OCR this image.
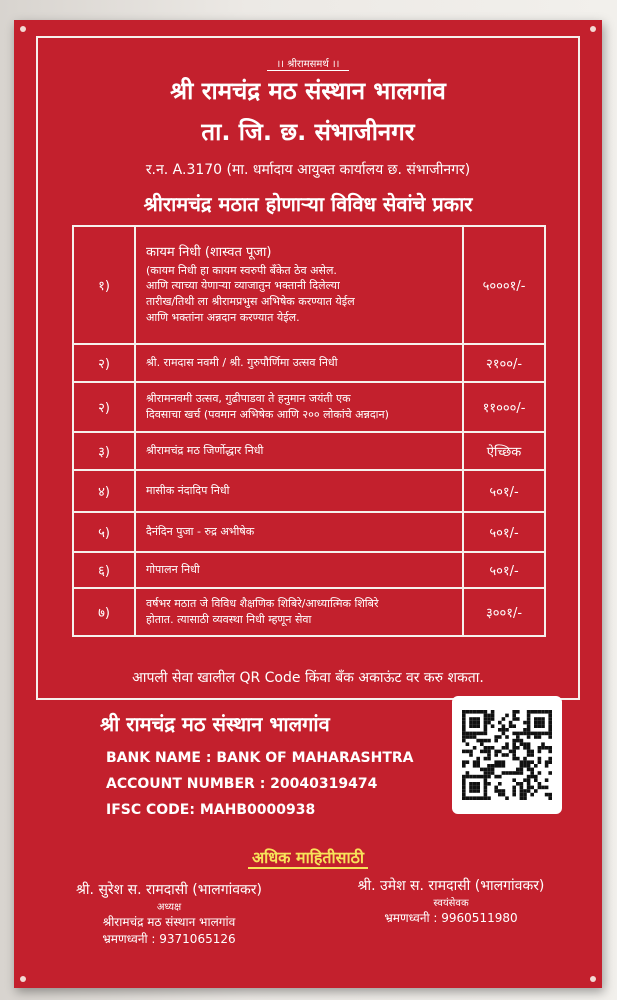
।। श्रीरामसमर्थ ।।
श्री रामचंद्र मठ संस्थान भालगांव
ता. जि. छ. संभाजीनगर
र.न. A.3170 (मा. धर्मादाय आयुक्त कार्यालय छ. संभाजीनगर)
श्रीरामचंद्र मठात होणाऱ्या विविध सेवांचे प्रकार
१)	कायम निधी (शास्वत पूजा)
(कायम निधी हा कायम स्वरुपी बँकेत ठेव असेल.
आणि त्याच्या येणाऱ्या व्याजातुन भक्तानी दिलेल्या
तारीख/तिथी ला श्रीरामप्रभुस अभिषेक करण्यात येईल
आणि भक्तांना अन्नदान करण्यात येईल.	५०००१/-
२)	श्री. रामदास नवमी / श्री. गुरुपौर्णिमा उत्सव निधी	२१००/-
२)	श्रीरामनवमी उत्सव, गुढीपाडवा ते हनुमान जयंती एक
दिवसाचा खर्च (पवमान अभिषेक आणि २०० लोकांचे अन्नदान)	११०००/-
३)	श्रीरामचंद्र मठ जिर्णोद्धार निधी	ऐच्छिक
४)	मासीक नंदादिप निधी	५०१/-
५)	दैनंदिन पुजा - रुद्र अभीषेक	५०१/-
६)	गोपालन निधी	५०१/-
७)	वर्षभर मठात जे विविध शैक्षणिक शिबिरे/आध्यात्मिक शिबिरे
होतात. त्यासाठी व्यवस्था निधी म्हणून सेवा	३००१/-
आपली सेवा खालील QR Code किंवा बँक अकाऊंट वर करु शकता.
श्री रामचंद्र मठ संस्थान भालगांव
BANK NAME : BANK OF MAHARASHTRA
ACCOUNT NUMBER : 20040319474
IFSC CODE: MAHB0000938
अधिक माहितीसाठी
श्री. सुरेश स. रामदासी (भालगांवकर)
अध्यक्ष
श्रीरामचंद्र मठ संस्थान भालगांव
भ्रमणध्वनी : 9371065126
श्री. उमेश स. रामदासी (भालगांवकर)
स्वयंसेवक
भ्रमणध्वनी : 9960511980
